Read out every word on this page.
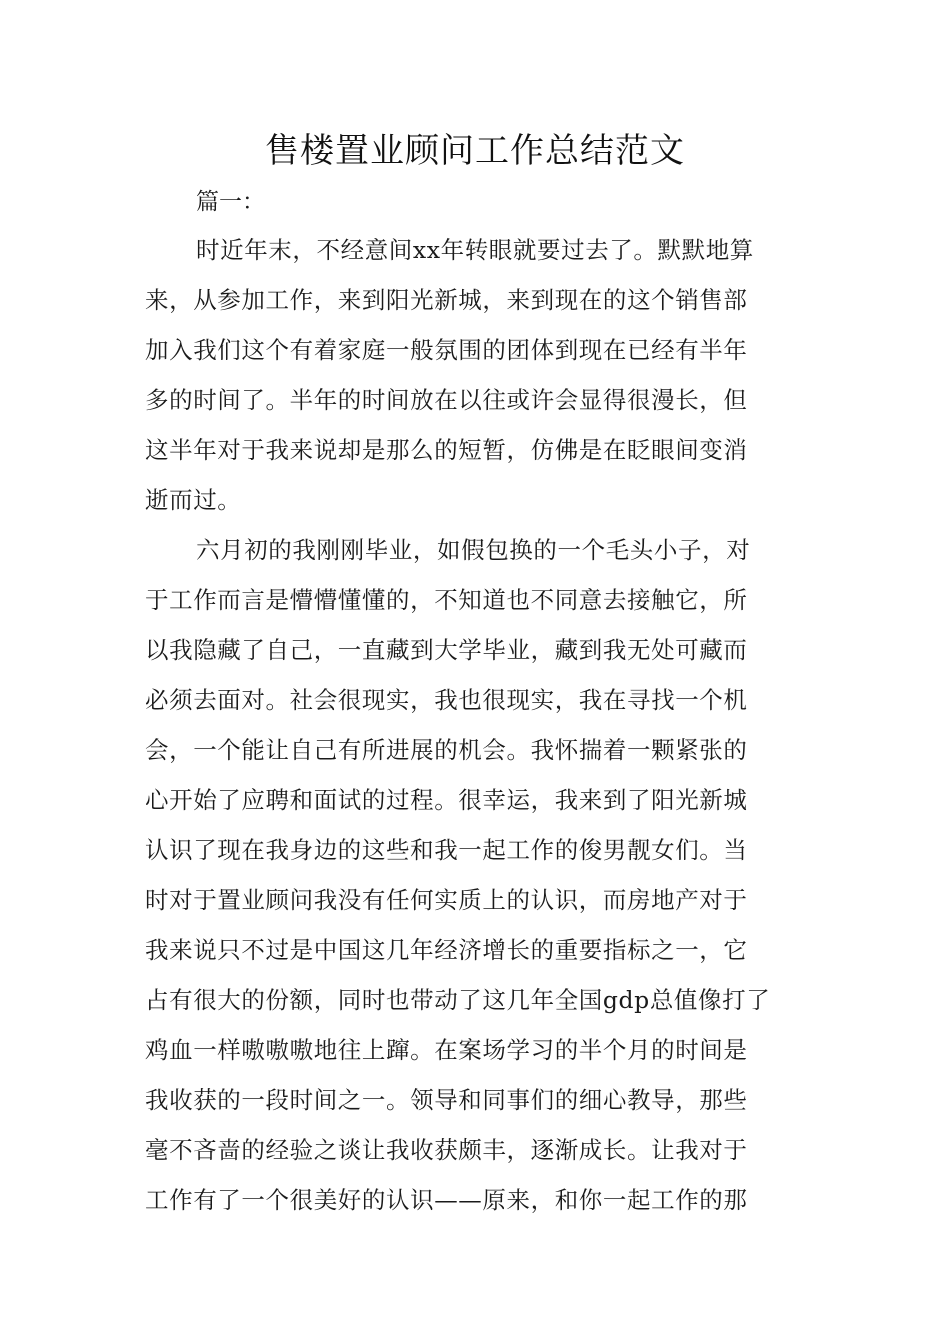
售楼置业顾问工作总结范文
篇一：
时近年末，不经意间xx年转眼就要过去了。默默地算
来，从参加工作，来到阳光新城，来到现在的这个销售部
加入我们这个有着家庭一般氛围的团体到现在已经有半年
多的时间了。半年的时间放在以往或许会显得很漫长，但
这半年对于我来说却是那么的短暂，仿佛是在眨眼间变消
逝而过。
六月初的我刚刚毕业，如假包换的一个毛头小子，对
于工作而言是懵懵懂懂的，不知道也不同意去接触它，所
以我隐藏了自己，一直藏到大学毕业，藏到我无处可藏而
必须去面对。社会很现实，我也很现实，我在寻找一个机
会，一个能让自己有所进展的机会。我怀揣着一颗紧张的
心开始了应聘和面试的过程。很幸运，我来到了阳光新城
认识了现在我身边的这些和我一起工作的俊男靓女们。当
时对于置业顾问我没有任何实质上的认识，而房地产对于
我来说只不过是中国这几年经济增长的重要指标之一，它
占有很大的份额，同时也带动了这几年全国gdp总值像打了
鸡血一样嗷嗷嗷地往上蹿。在案场学习的半个月的时间是
我收获的一段时间之一。领导和同事们的细心教导，那些
毫不吝啬的经验之谈让我收获颇丰，逐渐成长。让我对于
工作有了一个很美好的认识——原来，和你一起工作的那
